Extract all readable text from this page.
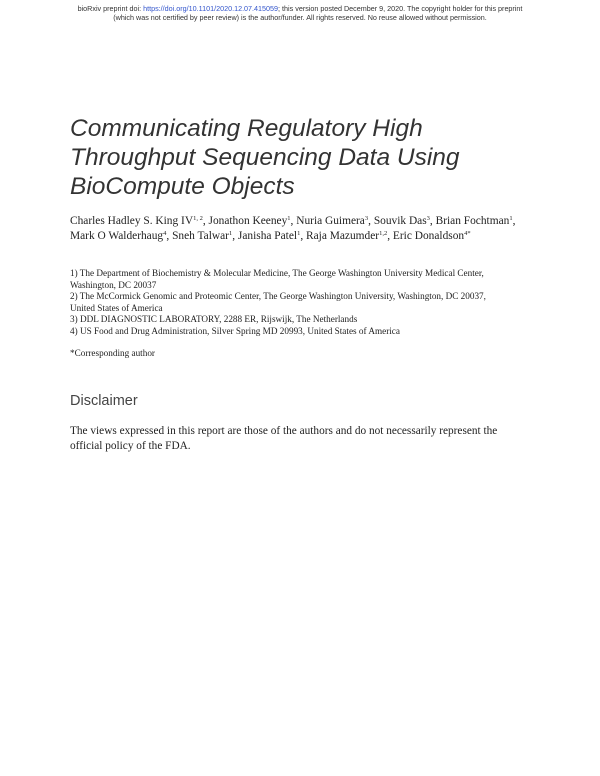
bioRxiv preprint doi: https://doi.org/10.1101/2020.12.07.415059; this version posted December 9, 2020. The copyright holder for this preprint
(which was not certified by peer review) is the author/funder. All rights reserved. No reuse allowed without permission.
Communicating Regulatory High
Throughput Sequencing Data Using
BioCompute Objects
Charles Hadley S. King IV$^{1, 2}$, Jonathon Keeney$^1$, Nuria Guimera$^3$, Souvik Das$^3$, Brian Fochtman$^1$, Mark O Walderhaug$^4$, Sneh Talwar$^1$, Janisha Patel$^1$, Raja Mazumder$^{1,2}$, Eric Donaldson$^{4*}$
1) The Department of Biochemistry & Molecular Medicine, The George Washington University Medical Center,
Washington, DC 20037
2) The McCormick Genomic and Proteomic Center, The George Washington University, Washington, DC 20037,
United States of America
3) DDL DIAGNOSTIC LABORATORY, 2288 ER, Rijswijk, The Netherlands
4) US Food and Drug Administration, Silver Spring MD 20993, United States of America
*Corresponding author
Disclaimer
The views expressed in this report are those of the authors and do not necessarily represent the
official policy of the FDA.
